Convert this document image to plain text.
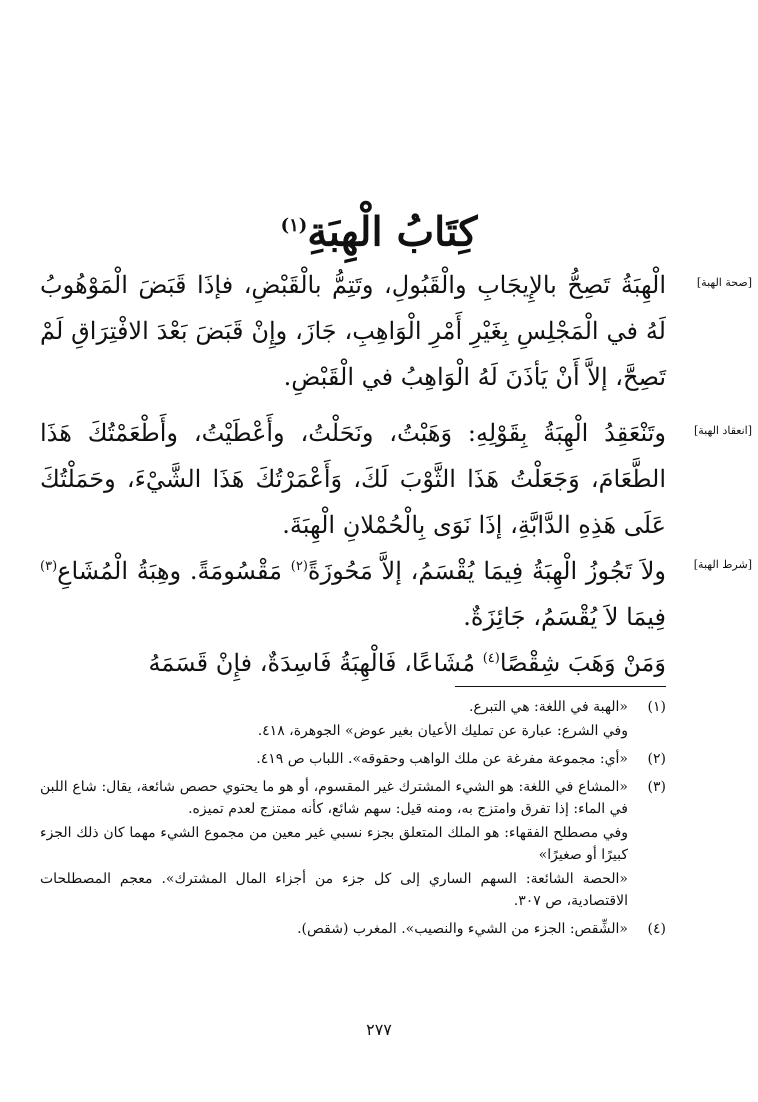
كِتَابُ الْهِبَةِ$^{(١)}$
[صحة الهبة]
الْهِبَةُ تَصِحُّ بالإِيجَابِ والْقَبُولِ، وتَتِمُّ بالْقَبْضِ، فإذَا قَبَضَ الْمَوْهُوبُ لَهُ في الْمَجْلِسِ بِغَيْرِ أَمْرِ الْوَاهِبِ، جَازَ، وإِنْ قَبَضَ بَعْدَ الافْتِرَاقِ لَمْ تَصِحَّ، إلاَّ أَنْ يَأذَنَ لَهُ الْوَاهِبُ في الْقَبْضِ.
[انعقاد الهبة]
وتَنْعَقِدُ الْهِبَةُ بِقَوْلِهِ: وَهَبْتُ، ونَحَلْتُ، وأَعْطَيْتُ، وأَطْعَمْتُكَ هَذَا الطَّعَامَ، وَجَعَلْتُ هَذَا الثَّوْبَ لَكَ، وَأَعْمَرْتُكَ هَذَا الشَّيْءَ، وحَمَلْتُكَ عَلَى هَذِهِ الدَّابَّةِ، إذَا نَوَى بِالْحُمْلانِ الْهِبَةَ.
[شرط الهبة]
ولاَ تَجُوزُ الْهِبَةُ فِيمَا يُقْسَمُ، إلاَّ مَحُوزَةً$^{(٢)}$ مَقْسُومَةً. وهِبَةُ الْمُشَاعِ$^{(٣)}$ فِيمَا لاَ يُقْسَمُ، جَائِزَةٌ.
وَمَنْ وَهَبَ شِقْصًا$^{(٤)}$ مُشَاعًا، فَالْهِبَةُ فَاسِدَةٌ، فإِنْ قَسَمَهُ
(١)

«الهبة في اللغة: هي التبرع.

وفي الشرع: عبارة عن تمليك الأعيان بغير عوض» الجوهرة، ٤١٨.

(٢)

«أي: مجموعة مفرغة عن ملك الواهب وحقوقه». اللباب ص ٤١٩.

(٣)

«المشاع في اللغة: هو الشيء المشترك غير المقسوم، أو هو ما يحتوي حصص شائعة، يقال: شاع اللبن في الماء: إذا تفرق وامتزج به، ومنه قيل: سهم شائع، كأنه ممتزج لعدم تميزه.

وفي مصطلح الفقهاء: هو الملك المتعلق بجزء نسبي غير معين من مجموع الشيء مهما كان ذلك الجزء كبيرًا أو صغيرًا»

«الحصة الشائعة: السهم الساري إلى كل جزء من أجزاء المال المشترك». معجم المصطلحات الاقتصادية، ص ٣٠٧.

(٤)

«الشِّقص: الجزء من الشيء والنصيب». المغرب (شقص).

٢٧٧
